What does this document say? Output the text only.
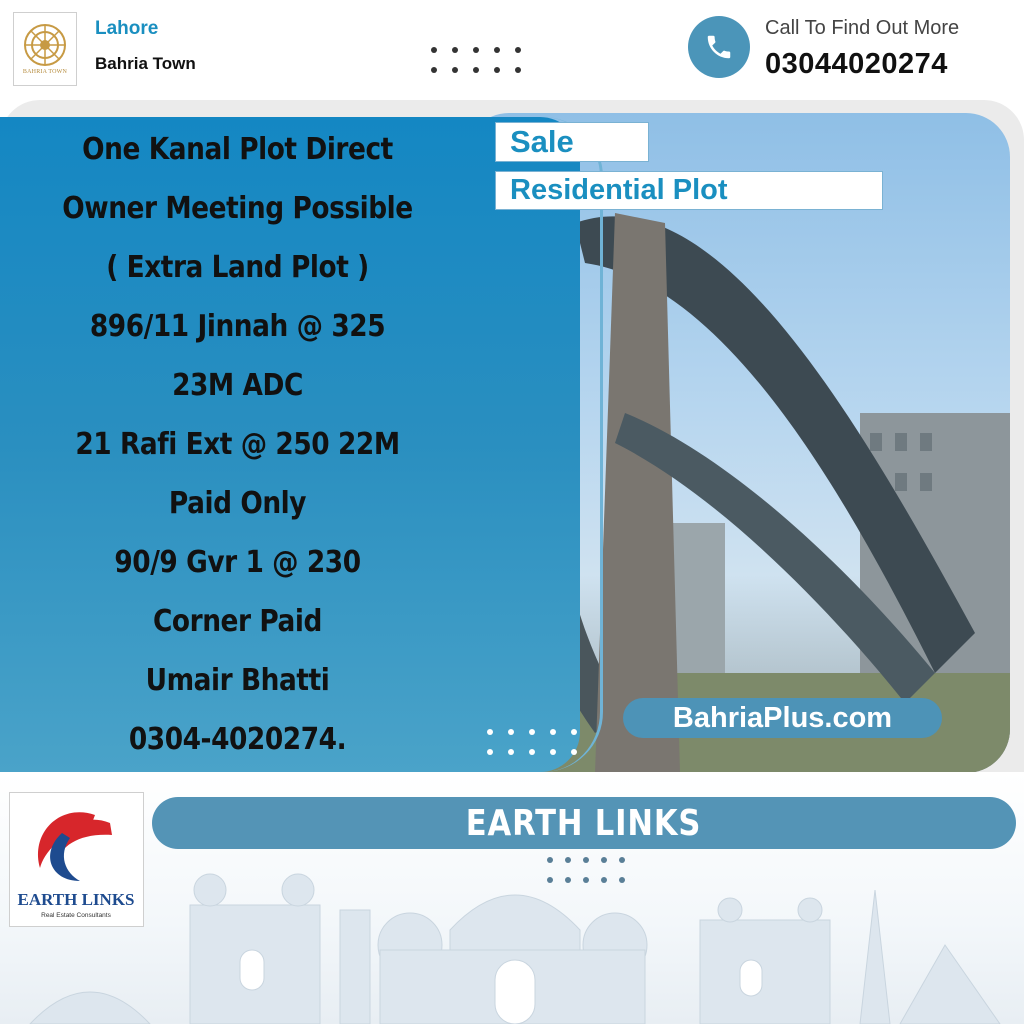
BAHRIA TOWN
Lahore
Bahria Town
Call To Find Out More
03044020274
One Kanal Plot Direct
Owner Meeting Possible
( Extra Land Plot )
896/11 Jinnah @ 325
23M ADC
21 Rafi Ext @ 250 22M
Paid Only
90/9 Gvr 1 @ 230
Corner Paid
Umair Bhatti
0304-4020274.
Sale
Residential Plot
BahriaPlus.com
EARTH LINKS
Real Estate Consultants
EARTH LINKS
